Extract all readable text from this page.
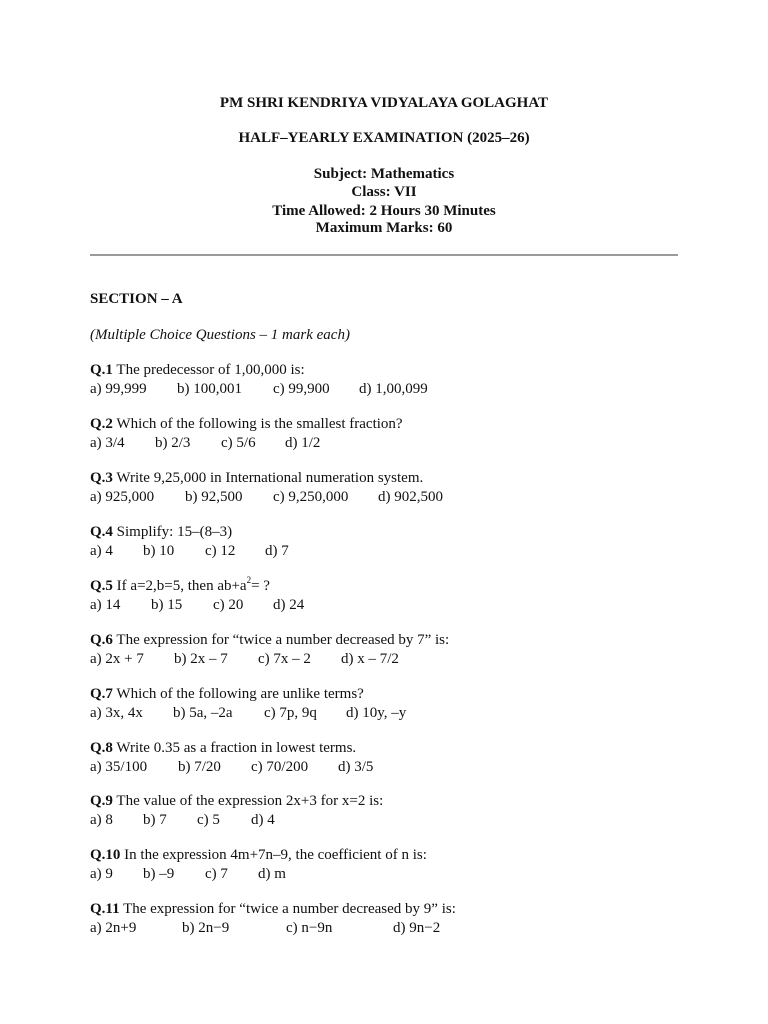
PM SHRI KENDRIYA VIDYALAYA GOLAGHAT
HALF–YEARLY EXAMINATION (2025–26)
Subject: Mathematics
Class: VII
Time Allowed: 2 Hours 30 Minutes
Maximum Marks: 60
SECTION – A
(Multiple Choice Questions – 1 mark each)
Q.1 The predecessor of 1,00,000 is:
a) 99,999 b) 100,001 c) 99,900 d) 1,00,099
Q.2 Which of the following is the smallest fraction?
a) 3/4 b) 2/3 c) 5/6 d) 1/2
Q.3 Write 9,25,000 in International numeration system.
a) 925,000 b) 92,500 c) 9,250,000 d) 902,500
Q.4 Simplify: 15–(8–3)
a) 4 b) 10 c) 12 d) 7
Q.5 If a=2,b=5, then $ab+a^2=$ ?
a) 14 b) 15 c) 20 d) 24
Q.6 The expression for “twice a number decreased by 7” is:
a) 2x + 7 b) 2x – 7 c) 7x – 2 d) x – 7/2
Q.7 Which of the following are unlike terms?
a) 3x, 4x b) 5a, –2a c) 7p, 9q d) 10y, –y
Q.8 Write 0.35 as a fraction in lowest terms.
a) 35/100 b) 7/20 c) 70/200 d) 3/5
Q.9 The value of the expression 2x+3 for x=2 is:
a) 8 b) 7 c) 5 d) 4
Q.10 In the expression 4m+7n–9, the coefficient of n is:
a) 9 b) –9 c) 7 d) m
Q.11 The expression for “twice a number decreased by 9” is:
a) 2n+9	b) 2n−9	c) n−9n	d) 9n−2
